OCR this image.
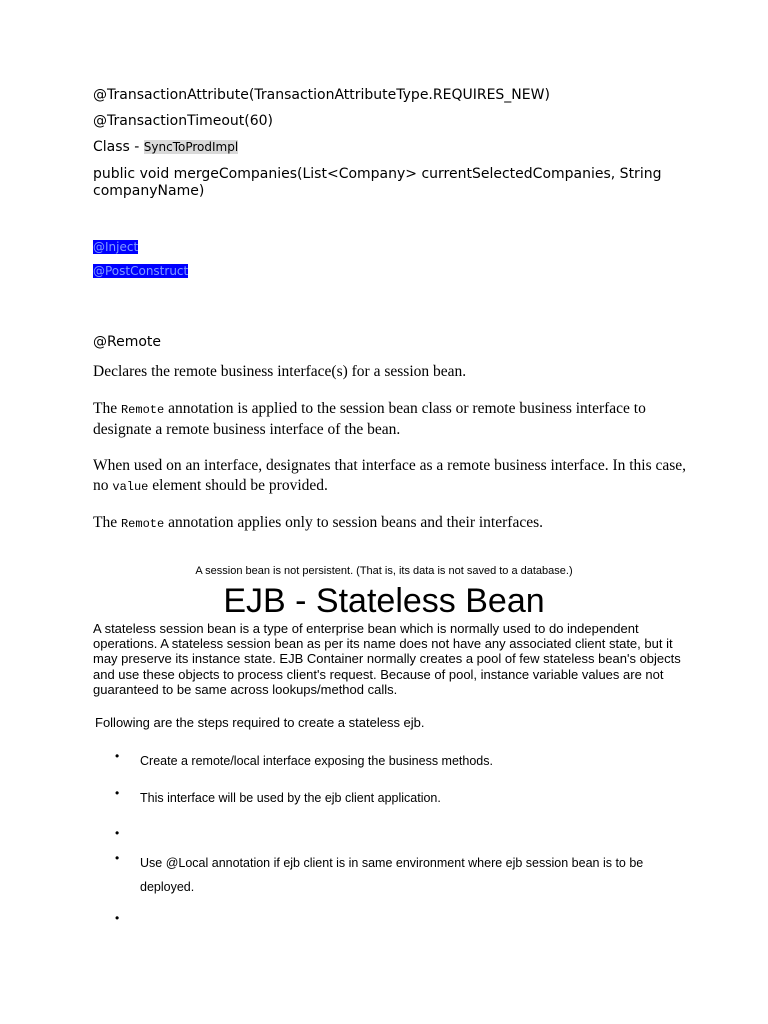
@TransactionAttribute(TransactionAttributeType.REQUIRES_NEW)
@TransactionTimeout(60)
Class - SyncToProdImpl
public void mergeCompanies(List<Company> currentSelectedCompanies, String companyName)
@Inject
@PostConstruct
@Remote
Declares the remote business interface(s) for a session bean.
The Remote annotation is applied to the session bean class or remote business interface to designate a remote business interface of the bean.
When used on an interface, designates that interface as a remote business interface. In this case, no value element should be provided.
The Remote annotation applies only to session beans and their interfaces.
A session bean is not persistent. (That is, its data is not saved to a database.)
EJB - Stateless Bean
A stateless session bean is a type of enterprise bean which is normally used to do independent operations. A stateless session bean as per its name does not have any associated client state, but it may preserve its instance state. EJB Container normally creates a pool of few stateless bean's objects and use these objects to process client's request. Because of pool, instance variable values are not guaranteed to be same across lookups/method calls.
Following are the steps required to create a stateless ejb.
• Create a remote/local interface exposing the business methods.
• This interface will be used by the ejb client application.
•
• Use @Local annotation if ejb client is in same environment where ejb session bean is to be deployed.
•
